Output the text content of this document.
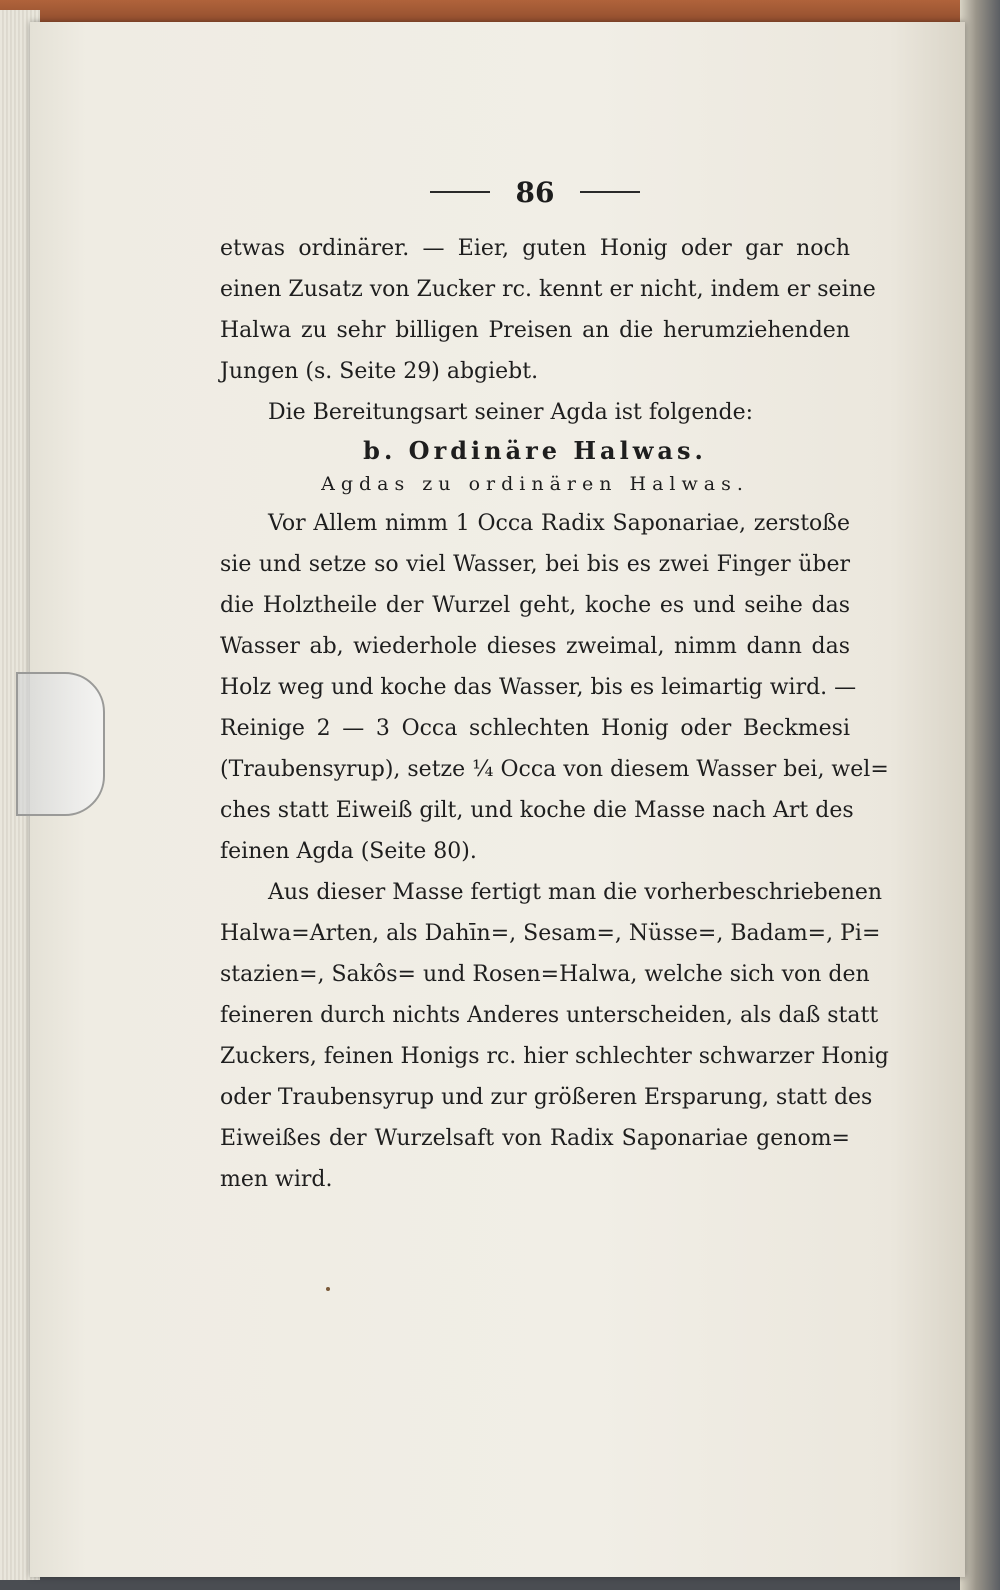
86
etwas ordinärer. — Eier, guten Honig oder gar noch
einen Zusatz von Zucker rc. kennt er nicht, indem er seine
Halwa zu sehr billigen Preisen an die herumziehenden
Jungen (s. Seite 29) abgiebt.
Die Bereitungsart seiner Agda ist folgende:
b. Ordinäre Halwas.
Agdas zu ordinären Halwas.
Vor Allem nimm 1 Occa Radix Saponariae, zerstoße
sie und setze so viel Wasser, bei bis es zwei Finger über
die Holztheile der Wurzel geht, koche es und seihe das
Wasser ab, wiederhole dieses zweimal, nimm dann das
Holz weg und koche das Wasser, bis es leimartig wird. —
Reinige 2 — 3 Occa schlechten Honig oder Beckmesi
(Traubensyrup), setze ¼ Occa von diesem Wasser bei, wel=
ches statt Eiweiß gilt, und koche die Masse nach Art des
feinen Agda (Seite 80).
Aus dieser Masse fertigt man die vorherbeschriebenen
Halwa=Arten, als Dahīn=, Sesam=, Nüsse=, Badam=, Pi=
stazien=, Sakôs= und Rosen=Halwa, welche sich von den
feineren durch nichts Anderes unterscheiden, als daß statt
Zuckers, feinen Honigs rc. hier schlechter schwarzer Honig
oder Traubensyrup und zur größeren Ersparung, statt des
Eiweißes der Wurzelsaft von Radix Saponariae genom=
men wird.
